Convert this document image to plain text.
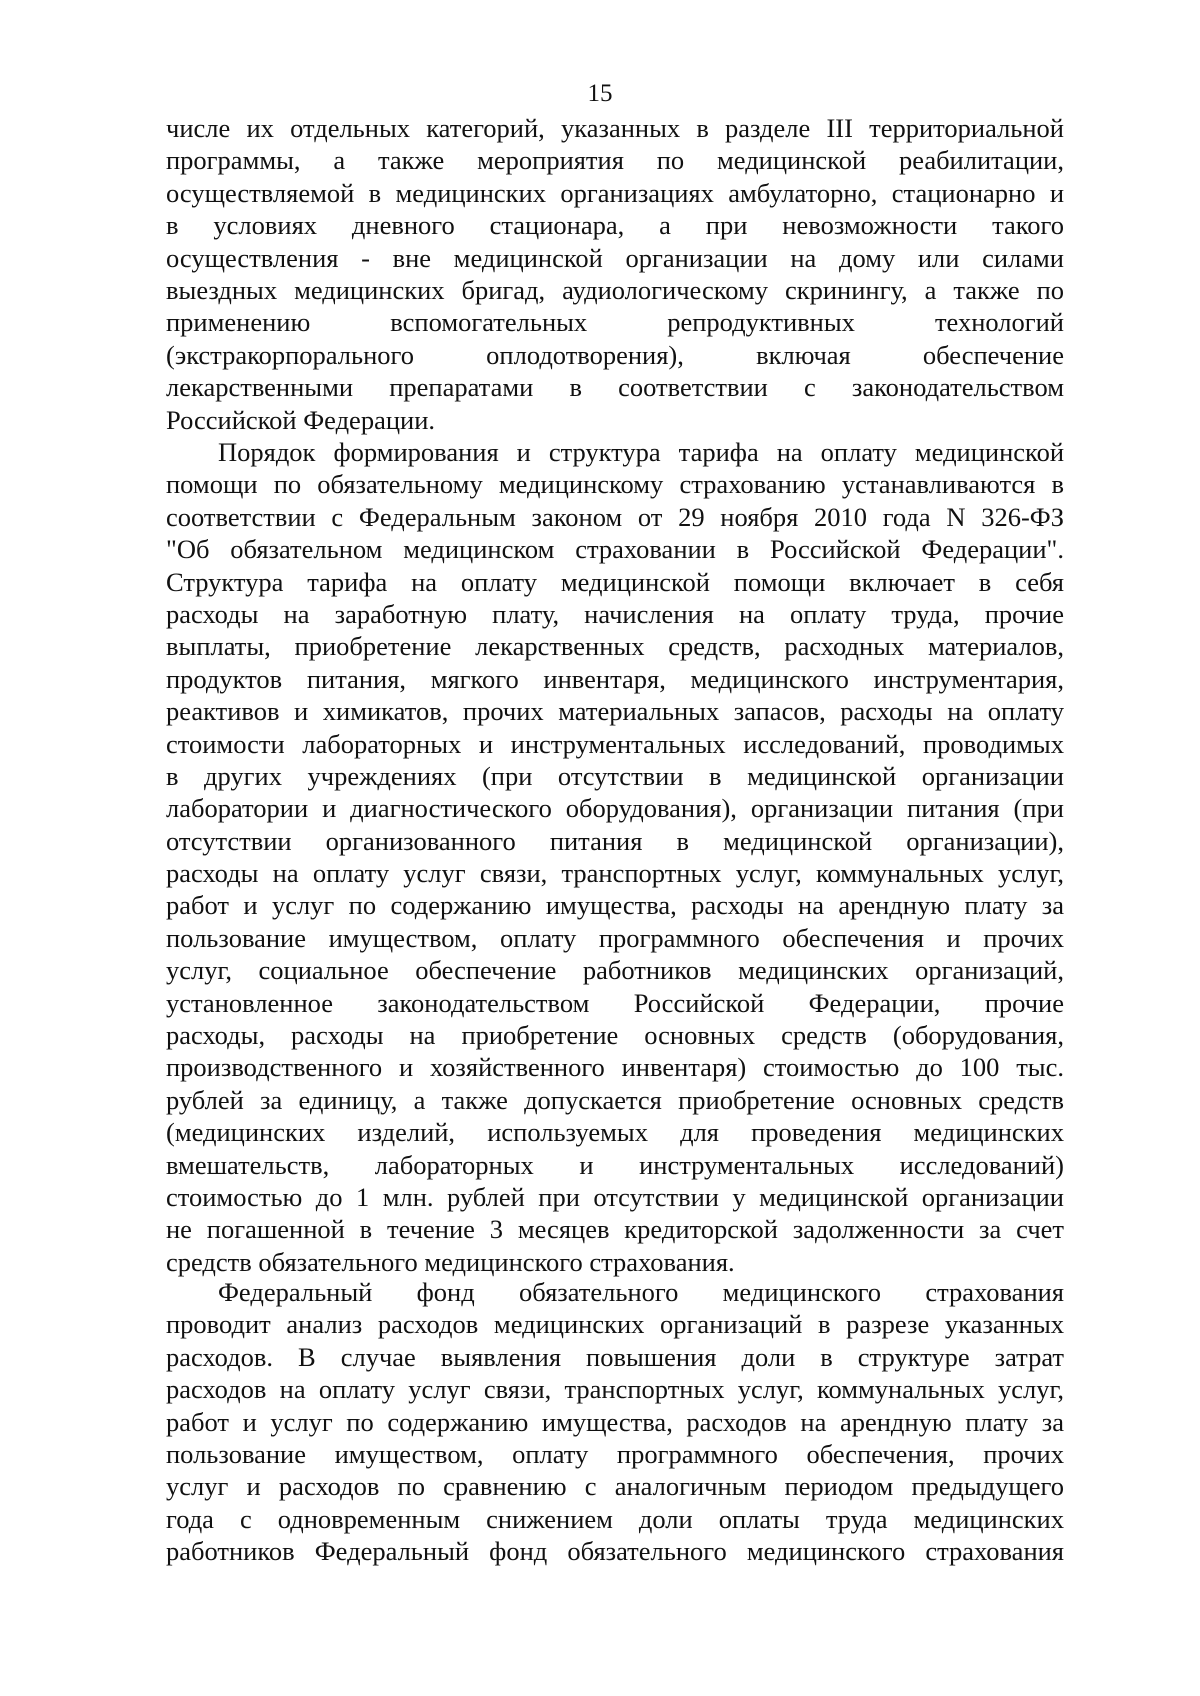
15
числе их отдельных категорий, указанных в разделе III территориальной
программы, а также мероприятия по медицинской реабилитации,
осуществляемой в медицинских организациях амбулаторно, стационарно и
в условиях дневного стационара, а при невозможности такого
осуществления - вне медицинской организации на дому или силами
выездных медицинских бригад, аудиологическому скринингу, а также по
применению вспомогательных репродуктивных технологий
(экстракорпорального оплодотворения), включая обеспечение
лекарственными препаратами в соответствии с законодательством
Российской Федерации.
Порядок формирования и структура тарифа на оплату медицинской
помощи по обязательному медицинскому страхованию устанавливаются в
соответствии с Федеральным законом от 29 ноября 2010 года N 326-ФЗ
"Об обязательном медицинском страховании в Российской Федерации".
Структура тарифа на оплату медицинской помощи включает в себя
расходы на заработную плату, начисления на оплату труда, прочие
выплаты, приобретение лекарственных средств, расходных материалов,
продуктов питания, мягкого инвентаря, медицинского инструментария,
реактивов и химикатов, прочих материальных запасов, расходы на оплату
стоимости лабораторных и инструментальных исследований, проводимых
в других учреждениях (при отсутствии в медицинской организации
лаборатории и диагностического оборудования), организации питания (при
отсутствии организованного питания в медицинской организации),
расходы на оплату услуг связи, транспортных услуг, коммунальных услуг,
работ и услуг по содержанию имущества, расходы на арендную плату за
пользование имуществом, оплату программного обеспечения и прочих
услуг, социальное обеспечение работников медицинских организаций,
установленное законодательством Российской Федерации, прочие
расходы, расходы на приобретение основных средств (оборудования,
производственного и хозяйственного инвентаря) стоимостью до 100 тыс.
рублей за единицу, а также допускается приобретение основных средств
(медицинских изделий, используемых для проведения медицинских
вмешательств, лабораторных и инструментальных исследований)
стоимостью до 1 млн. рублей при отсутствии у медицинской организации
не погашенной в течение 3 месяцев кредиторской задолженности за счет
средств обязательного медицинского страхования.
Федеральный фонд обязательного медицинского страхования
проводит анализ расходов медицинских организаций в разрезе указанных
расходов. В случае выявления повышения доли в структуре затрат
расходов на оплату услуг связи, транспортных услуг, коммунальных услуг,
работ и услуг по содержанию имущества, расходов на арендную плату за
пользование имуществом, оплату программного обеспечения, прочих
услуг и расходов по сравнению с аналогичным периодом предыдущего
года с одновременным снижением доли оплаты труда медицинских
работников Федеральный фонд обязательного медицинского страхования
